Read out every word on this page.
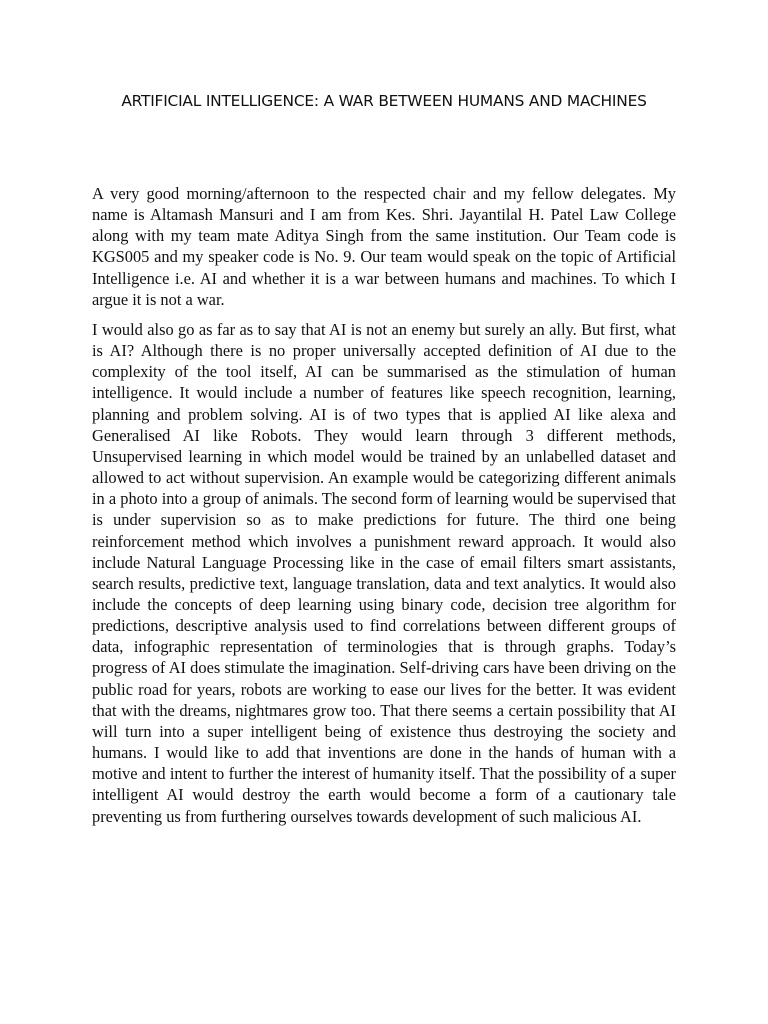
ARTIFICIAL INTELLIGENCE: A WAR BETWEEN HUMANS AND MACHINES

A very good morning/afternoon to the respected chair and my fellow delegates. My name is Altamash Mansuri and I am from Kes. Shri. Jayantilal H. Patel Law College along with my team mate Aditya Singh from the same institution. Our Team code is KGS005 and my speaker code is No. 9. Our team would speak on the topic of Artificial Intelligence i.e. AI and whether it is a war between humans and machines. To which I argue it is not a war.

I would also go as far as to say that AI is not an enemy but surely an ally. But first, what is AI? Although there is no proper universally accepted definition of AI due to the complexity of the tool itself, AI can be summarised as the stimulation of human intelligence. It would include a number of features like speech recognition, learning, planning and problem solving. AI is of two types that is applied AI like alexa and Generalised AI like Robots. They would learn through 3 different methods, Unsupervised learning in which model would be trained by an unlabelled dataset and allowed to act without supervision. An example would be categorizing different animals in a photo into a group of animals. The second form of learning would be supervised that is under supervision so as to make predictions for future. The third one being reinforcement method which involves a punishment reward approach. It would also include Natural Language Processing like in the case of email filters smart assistants, search results, predictive text, language translation, data and text analytics. It would also include the concepts of deep learning using binary code, decision tree algorithm for predictions, descriptive analysis used to find correlations between different groups of data, infographic representation of terminologies that is through graphs. Today’s progress of AI does stimulate the imagination. Self-driving cars have been driving on the public road for years, robots are working to ease our lives for the better. It was evident that with the dreams, nightmares grow too. That there seems a certain possibility that AI will turn into a super intelligent being of existence thus destroying the society and humans. I would like to add that inventions are done in the hands of human with a motive and intent to further the interest of humanity itself. That the possibility of a super intelligent AI would destroy the earth would become a form of a cautionary tale preventing us from furthering ourselves towards development of such malicious AI.
